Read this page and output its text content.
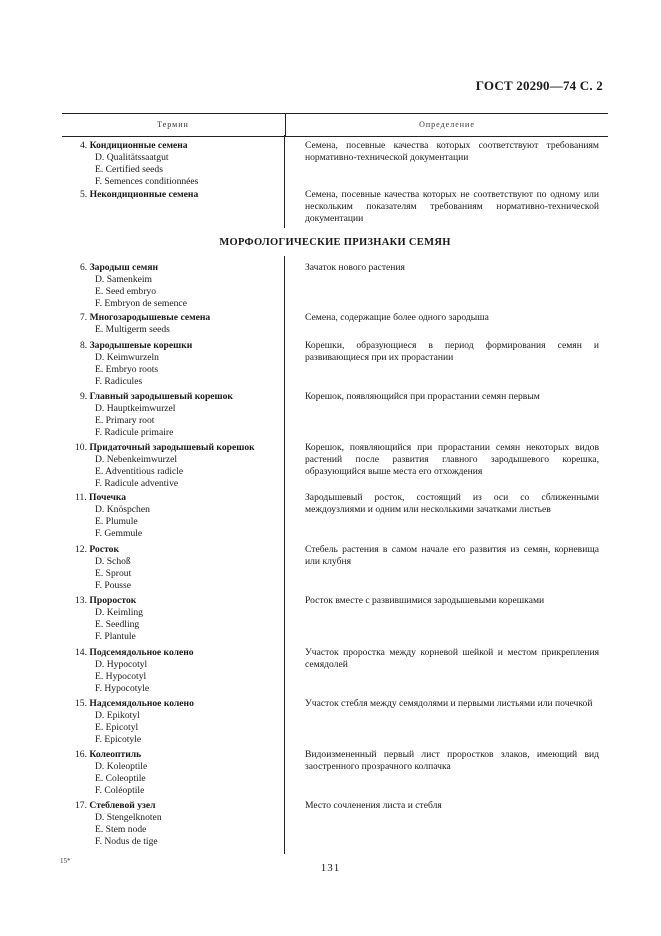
ГОСТ 20290—74 С. 2
Термин	Определение
МОРФОЛОГИЧЕСКИЕ ПРИЗНАКИ СЕМЯН
4. Кондиционные семена
D. Qualitätssaatgut
E. Certified seeds
F. Semences conditionnées
Семена, посевные качества которых соответствуют требованиям нормативно-технической документации
5. Некондиционные семена	Семена, посевные качества которых не соответствуют по одному или нескольким показателям требованиям нормативно-технической документации
6. Зародыш семян
D. Samenkeim
E. Seed embryo
F. Embryon de semence
Зачаток нового растения
7. Многозародышевые семена
E. Multigerm seeds
Семена, содержащие более одного зародыша
8. Зародышевые корешки
D. Keimwurzeln
E. Embryo roots
F. Radicules
Корешки, образующиеся в период формирования семян и развивающиеся при их прорастании
9. Главный зародышевый корешок
D. Hauptkeimwurzel
E. Primary root
F. Radicule primaire
Корешок, появляющийся при прорастании семян первым
10. Придаточный зародышевый корешок
D. Nebenkeimwurzel
E. Adventitious radicle
F. Radicule adventive
Корешок, появляющийся при прорастании семян некоторых видов растений после развития главного зародышевого корешка, образующийся выше места его отхождения
11. Почечка
D. Knöspchen
E. Plumule
F. Gemmule
Зародышевый росток, состоящий из оси со сближенными междоузлиями и одним или несколькими зачатками листьев
12. Росток
D. Schoß
E. Sprout
F. Pousse
Стебель растения в самом начале его развития из семян, корневища или клубня
13. Проросток
D. Keimling
E. Seedling
F. Plantule
Росток вместе с развившимися зародышевыми корешками
14. Подсемядольное колено
D. Hypocotyl
E. Hypocotyl
F. Hypocotyle
Участок проростка между корневой шейкой и местом прикрепления семядолей
15. Надсемядольное колено
D. Epikotyl
E. Epicotyl
F. Epicotyle
Участок стебля между семядолями и первыми листьями или почечкой
16. Колеоптиль
D. Koleoptile
E. Coleoptile
F. Coléoptile
Видоизмененный первый лист проростков злаков, имеющий вид заостренного прозрачного колпачка
17. Стеблевой узел
D. Stengelknoten
E. Stem node
F. Nodus de tige
Место сочленения листа и стебля
15*
131
